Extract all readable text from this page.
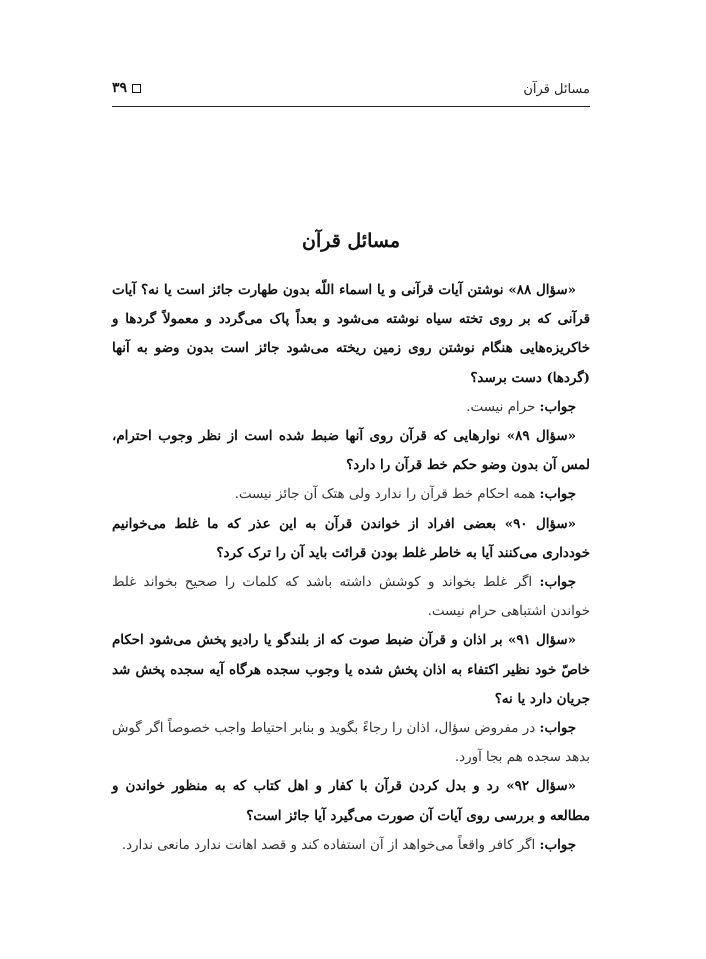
مسائل قرآن
۳۹
مسائل قرآن

«سؤال ۸۸» نوشتن آیات قرآنی و یا اسماء اللّه بدون طهارت جائز است یا نه؟ آیات قرآنی که بر روی تخته سیاه نوشته می‌شود و بعداً پاک می‌گردد و معمولاً گردها و خاکریزه‌هایی هنگام نوشتن روی زمین ریخته می‌شود جائز است بدون وضو به آنها (گردها) دست برسد؟

جواب: حرام نیست.

«سؤال ۸۹» نوارهایی که قرآن روی آنها ضبط شده است از نظر وجوب احترام، لمس آن بدون وضو حکم خط قرآن را دارد؟

جواب: همه احکام خط قرآن را ندارد ولی هتک آن جائز نیست.

«سؤال ۹۰» بعضی افراد از خواندن قرآن به این عذر که ما غلط می‌خوانیم خودداری می‌کنند آیا به خاطر غلط بودن قرائت باید آن را ترک کرد؟

جواب: اگر غلط بخواند و کوشش داشته باشد که کلمات را صحیح بخواند غلط خواندن اشتباهی حرام نیست.

«سؤال ۹۱» بر اذان و قرآن ضبط صوت که از بلندگو یا رادیو پخش می‌شود احکام خاصّ خود نظیر اکتفاء به اذان پخش شده یا وجوب سجده هرگاه آیه سجده پخش شد جریان دارد یا نه؟

جواب: در مفروض سؤال، اذان را رجاءً بگوید و بنابر احتیاط واجب خصوصاً اگر گوش بدهد سجده هم بجا آورد.

«سؤال ۹۲» رد و بدل کردن قرآن با کفار و اهل کتاب که به منظور خواندن و مطالعه و بررسی روی آیات آن صورت می‌گیرد آیا جائز است؟

جواب: اگر کافر واقعاً می‌خواهد از آن استفاده کند و قصد اهانت ندارد مانعی ندارد.
